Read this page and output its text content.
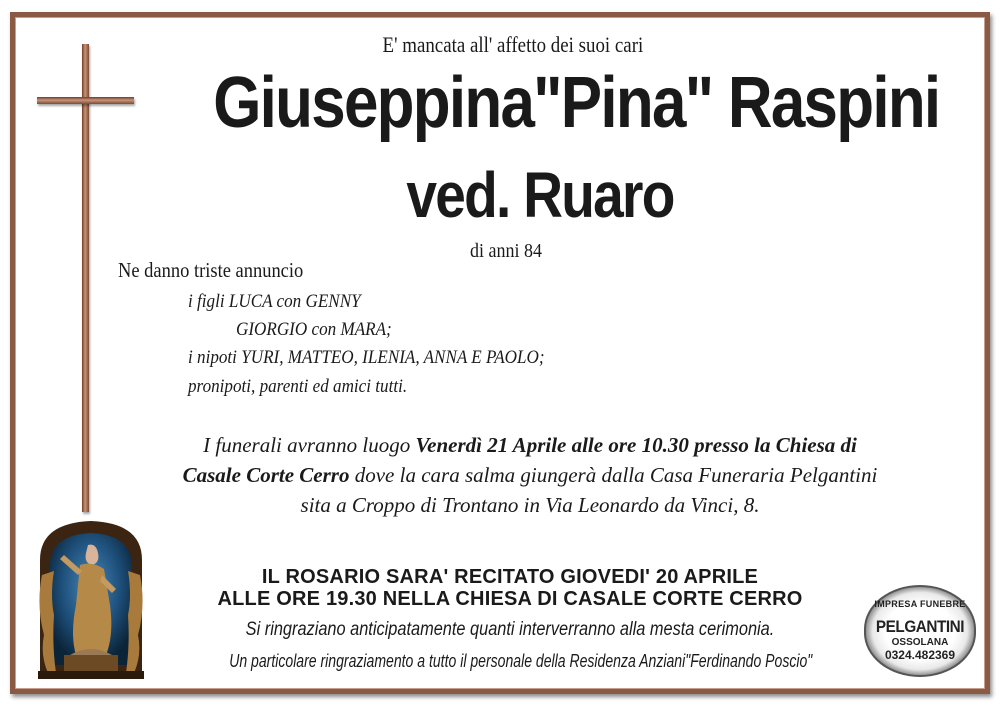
E' mancata all' affetto dei suoi cari
Giuseppina"Pina" Raspini
ved. Ruaro
di anni 84
Ne danno triste annuncio
i figli LUCA con GENNY
GIORGIO con MARA;
i nipoti YURI, MATTEO, ILENIA, ANNA E PAOLO;
pronipoti, parenti ed amici tutti.
I funerali avranno luogo Venerdì 21 Aprile alle ore 10.30 presso la Chiesa di
Casale Corte Cerro dove la cara salma giungerà dalla Casa Funeraria Pelgantini
sita a Croppo di Trontano in Via Leonardo da Vinci, 8.
IL ROSARIO SARA' RECITATO GIOVEDI' 20 APRILE
ALLE ORE 19.30 NELLA CHIESA DI CASALE CORTE CERRO
Si ringraziano anticipatamente quanti interverranno alla mesta cerimonia.
Un particolare ringraziamento a tutto il personale della Residenza Anziani"Ferdinando Poscio"
IMPRESA FUNEBRE
PELGANTINI
OSSOLANA
0324.482369
